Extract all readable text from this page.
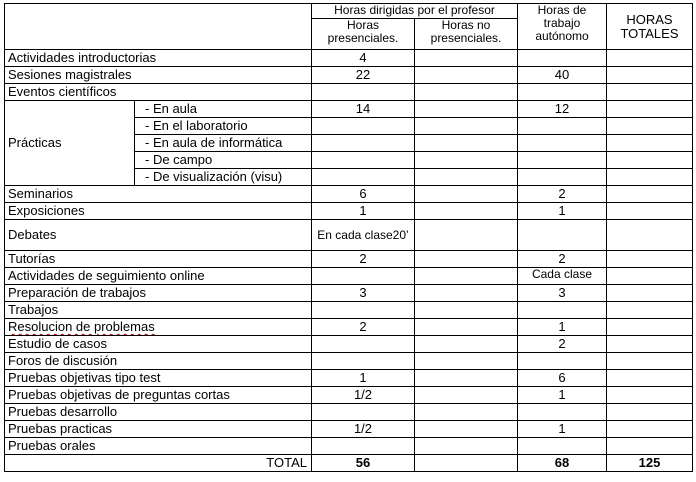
		Horas dirigidas por el profesor		Horas de trabajo autónomo	HORAS TOTALES
		Horas presenciales.	Horas no presenciales.		
Actividades introductorias		4			
Sesiones magistrales		22		40	
Eventos científicos					
Prácticas	- En aula	14		12	
	- En el laboratorio				
	- En aula de informática				
	- De campo				
	- De visualización (visu)				
Seminarios		6		2	
Exposiciones		1		1	
Debates		En cada clase20’			
Tutorías		2		2	
Actividades de seguimiento online				Cada clase	
Preparación de trabajos		3		3	
Trabajos					
Resolucion de problemas		2		1	
Estudio de casos				2	
Foros de discusión					
Pruebas objetivas tipo test		1		6	
Pruebas objetivas de preguntas cortas		1/2		1	
Pruebas desarrollo					
Pruebas practicas		1/2		1	
Pruebas orales					
TOTAL		56		68	125
